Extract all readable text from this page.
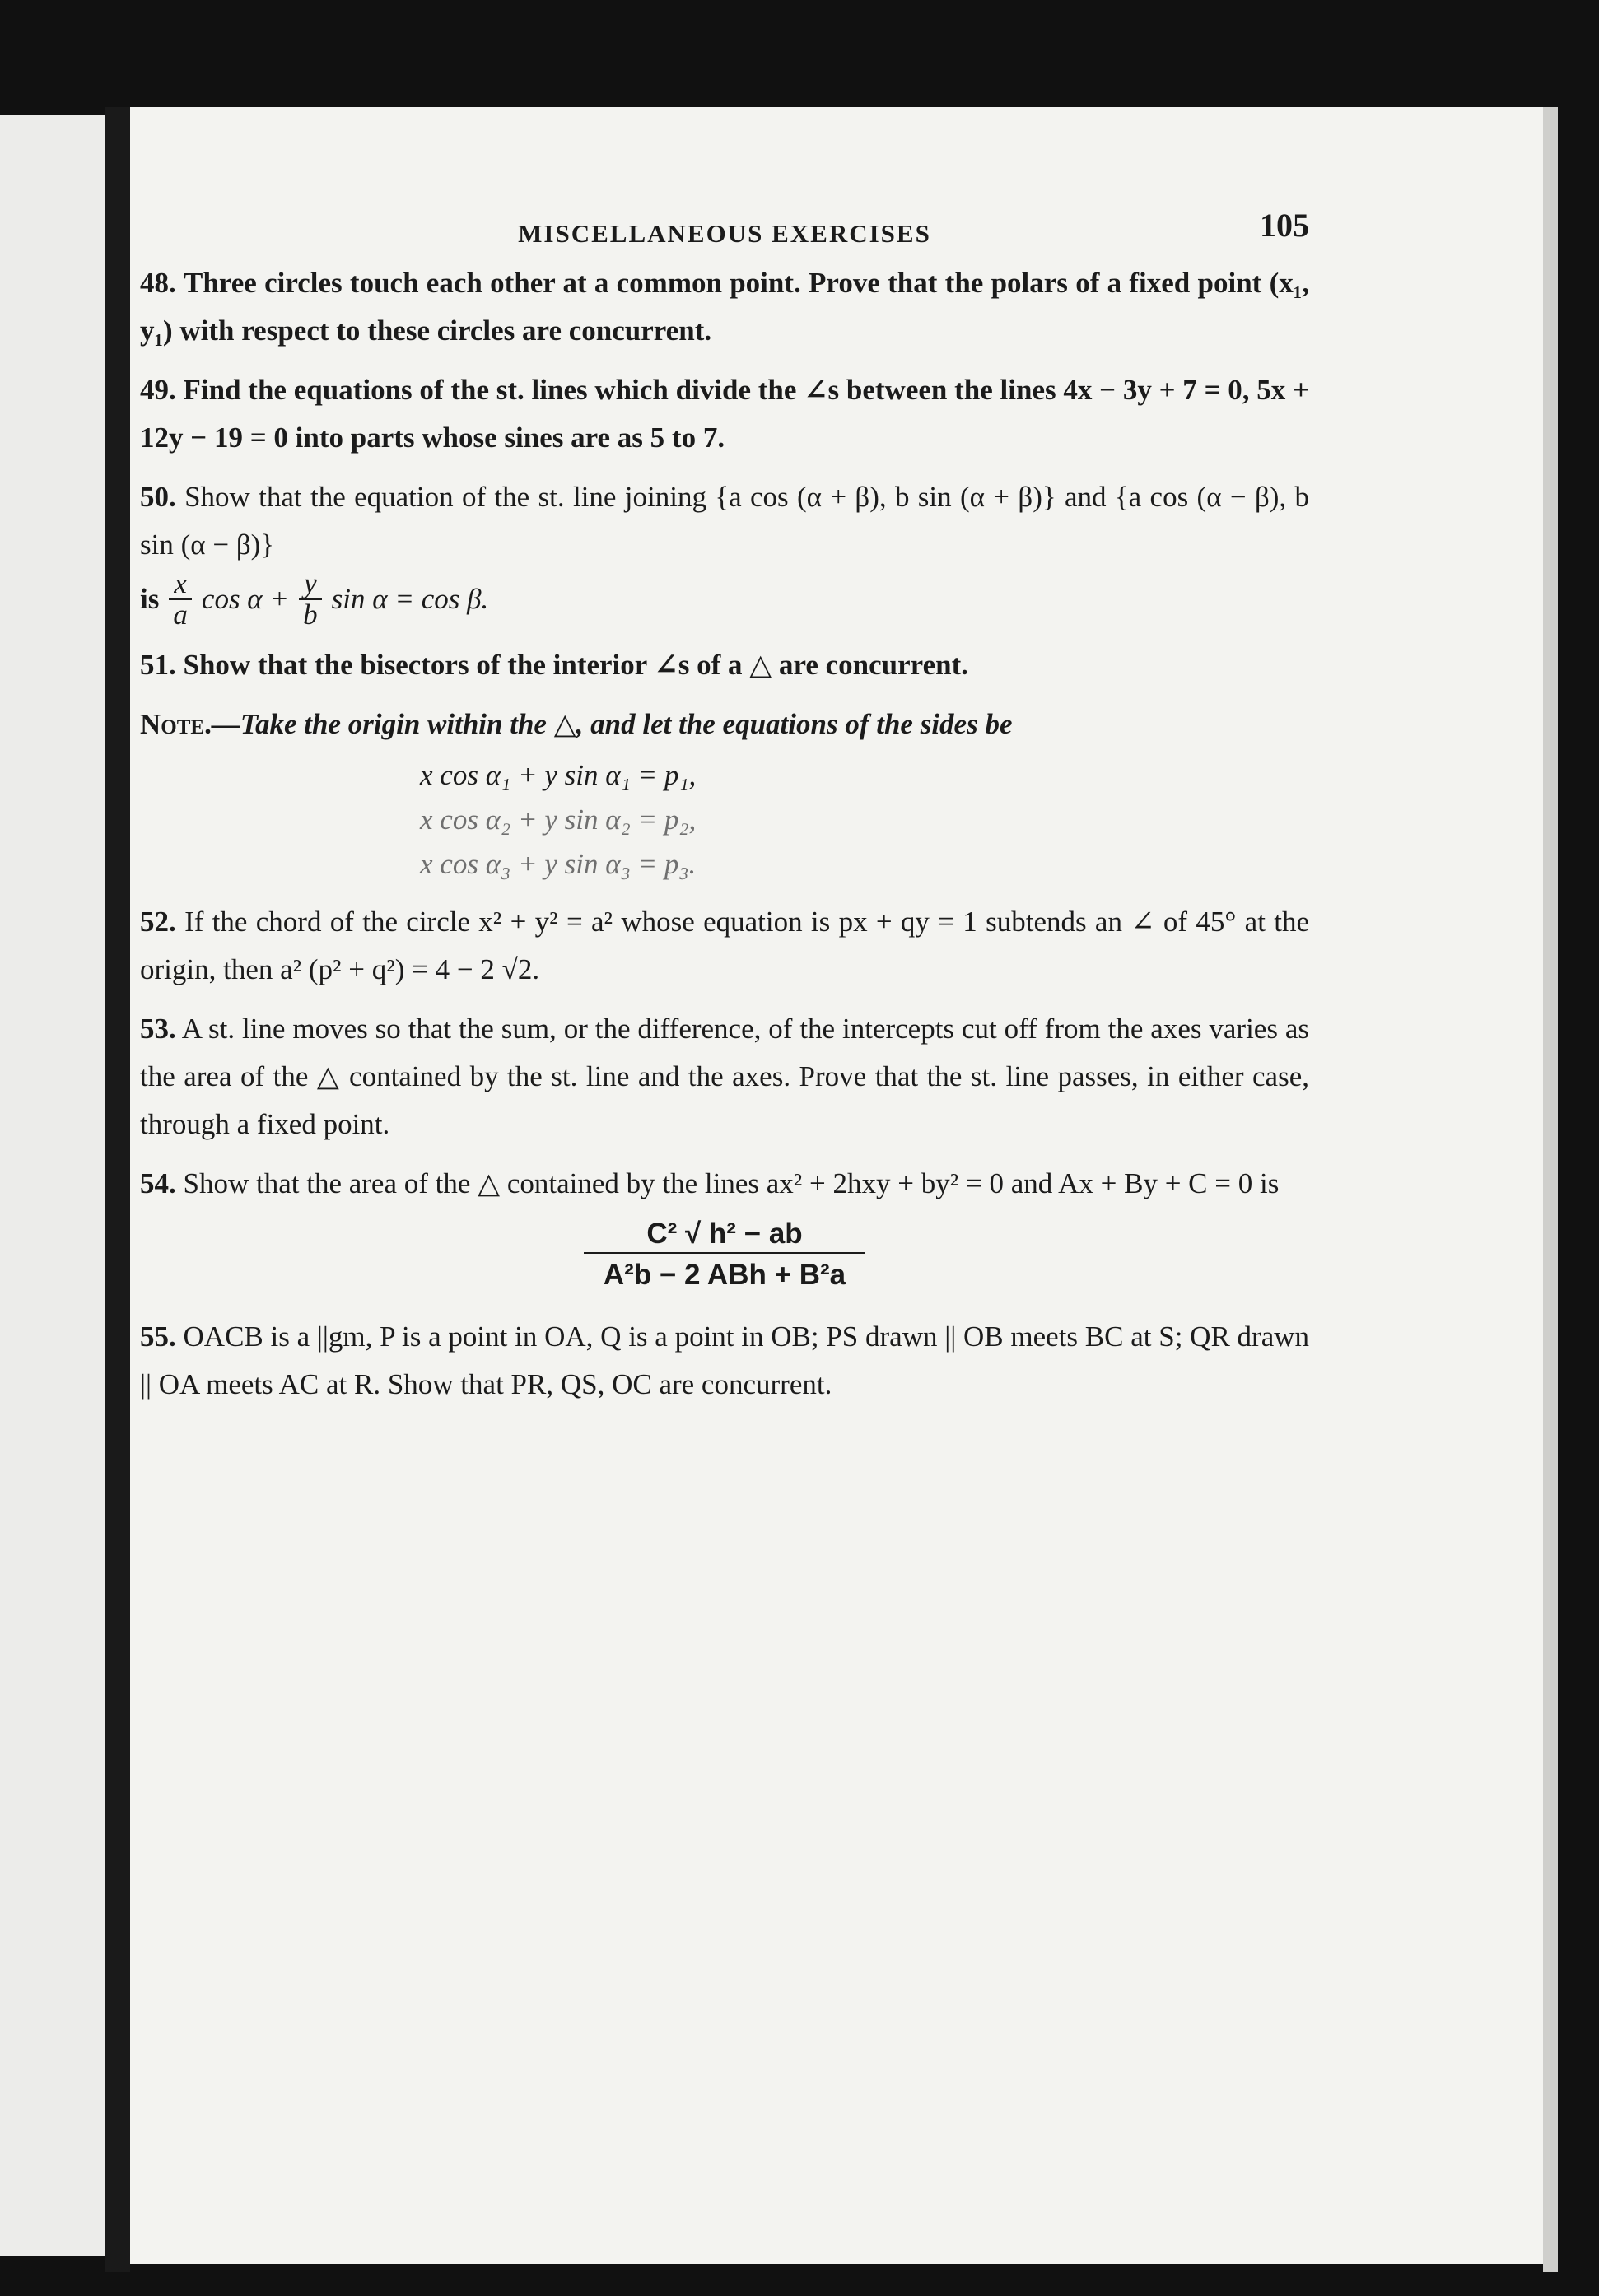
MISCELLANEOUS EXERCISES	105

48. Three circles touch each other at a common point. Prove that the polars of a fixed point (x₁, y₁) with respect to these circles are concurrent.

49. Find the equations of the st. lines which divide the ∠s between the lines 4x − 3y + 7 = 0, 5x + 12y − 19 = 0 into parts whose sines are as 5 to 7.

50. Show that the equation of the st. line joining {a cos (α + β), b sin (α + β)} and {a cos (α − β), b sin (α − β)}
is $\frac{x}{a}$ $\cos \alpha + \frac{y}{b}$ sin α = cos β.
51. Show that the bisectors of the interior ∠s of a △ are concurrent.
Note.—Take the origin within the △, and let the equations of the sides be
x cos α₁ + y sin α₁ = p₁,
x cos α₂ + y sin α₂ = p₂,
x cos α₃ + y sin α₃ = p₃.

52. If the chord of the circle x² + y² = a² whose equation is px + qy = 1 subtends an ∠ of 45° at the origin, then a² (p² + q²) = 4 − 2 √2.

53. A st. line moves so that the sum, or the difference, of the intercepts cut off from the axes varies as the area of the △ contained by the st. line and the axes. Prove that the st. line passes, in either case, through a fixed point.

54. Show that the area of the △ contained by the lines ax² + 2hxy + by² = 0 and Ax + By + C = 0 is
C² √ h² − ab
A²b − 2 ABh + B²a

55. OACB is a ||gm, P is a point in OA, Q is a point in OB; PS drawn || OB meets BC at S; QR drawn || OA meets AC at R. Show that PR, QS, OC are concurrent.
